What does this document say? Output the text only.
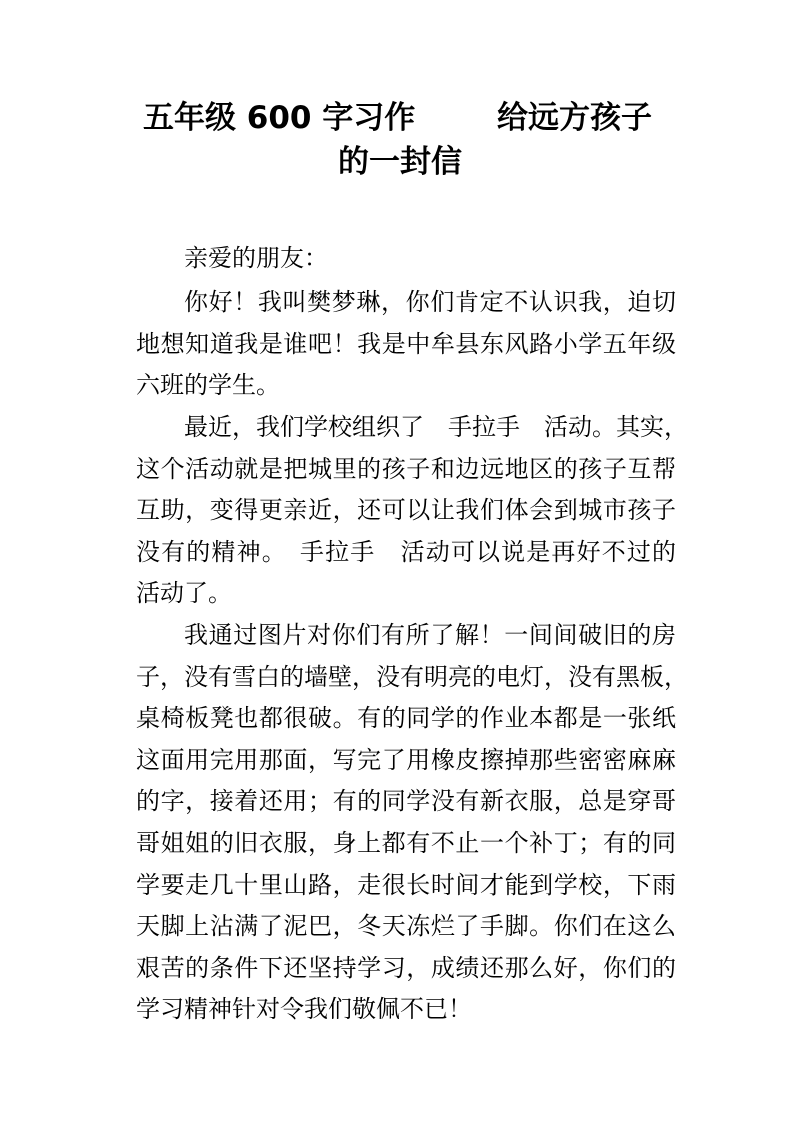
五年级 600 字习作	给远方孩子
的一封信
亲爱的朋友：
你好！我叫樊梦琳，你们肯定不认识我，迫切
地想知道我是谁吧！我是中牟县东风路小学五年级
六班的学生。
最近，我们学校组织了　手拉手　活动。其实，
这个活动就是把城里的孩子和边远地区的孩子互帮
互助，变得更亲近，还可以让我们体会到城市孩子
没有的精神。　手拉手　活动可以说是再好不过的
活动了。
我通过图片对你们有所了解！一间间破旧的房
子，没有雪白的墙壁，没有明亮的电灯，没有黑板，
桌椅板凳也都很破。有的同学的作业本都是一张纸
这面用完用那面，写完了用橡皮擦掉那些密密麻麻
的字，接着还用；有的同学没有新衣服，总是穿哥
哥姐姐的旧衣服，身上都有不止一个补丁；有的同
学要走几十里山路，走很长时间才能到学校，下雨
天脚上沾满了泥巴，冬天冻烂了手脚。你们在这么
艰苦的条件下还坚持学习，成绩还那么好，你们的
学习精神针对令我们敬佩不已！
